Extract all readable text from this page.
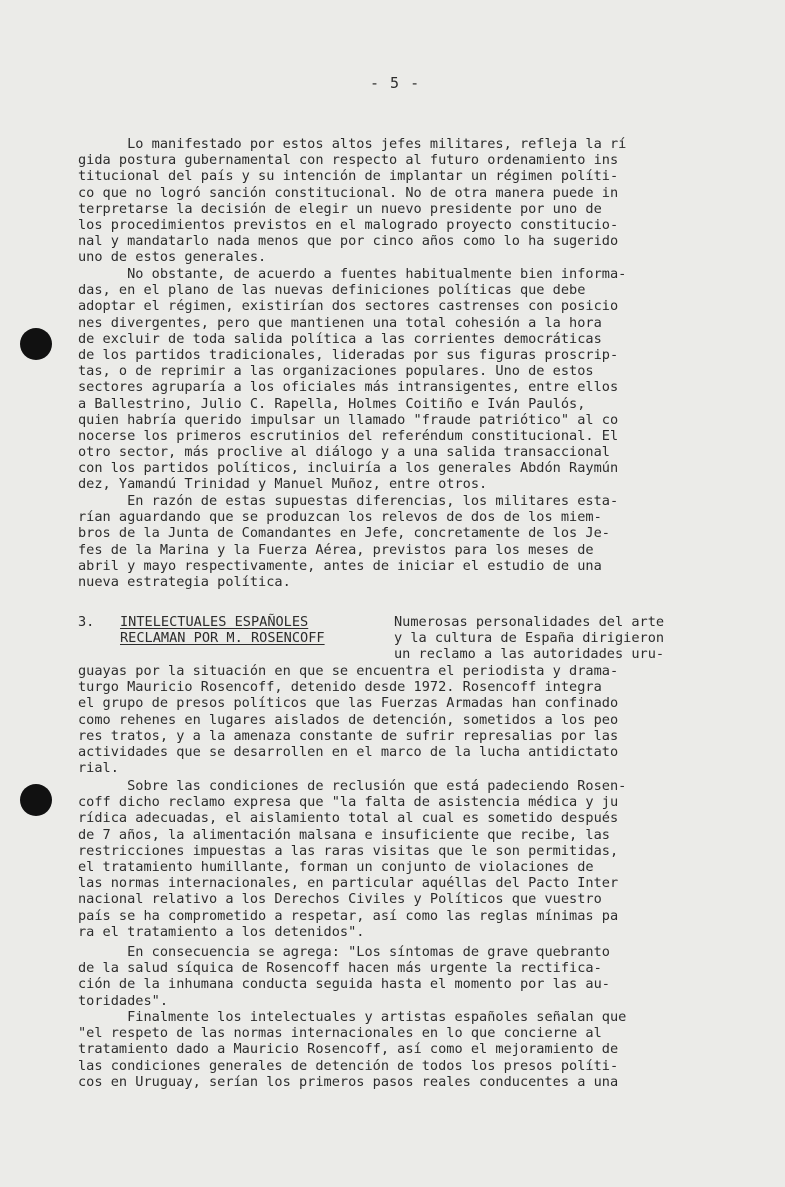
- 5 -
Lo manifestado por estos altos jefes militares, refleja la rí
gida postura gubernamental con respecto al futuro ordenamiento ins
titucional del país y su intención de implantar un régimen políti-
co que no logró sanción constitucional. No de otra manera puede in
terpretarse la decisión de elegir un nuevo presidente por uno de
los procedimientos previstos en el malogrado proyecto constitucio-
nal y mandatarlo nada menos que por cinco años como lo ha sugerido
uno de estos generales.
No obstante, de acuerdo a fuentes habitualmente bien informa-
das, en el plano de las nuevas definiciones políticas que debe
adoptar el régimen, existirían dos sectores castrenses con posicio
nes divergentes, pero que mantienen una total cohesión a la hora
de excluir de toda salida política a las corrientes democráticas
de los partidos tradicionales, lideradas por sus figuras proscrip-
tas, o de reprimir a las organizaciones populares. Uno de estos
sectores agruparía a los oficiales más intransigentes, entre ellos
a Ballestrino, Julio C. Rapella, Holmes Coitiño e Iván Paulós,
quien habría querido impulsar un llamado "fraude patriótico" al co
nocerse los primeros escrutinios del referéndum constitucional. El
otro sector, más proclive al diálogo y a una salida transaccional
con los partidos políticos, incluiría a los generales Abdón Raymún
dez, Yamandú Trinidad y Manuel Muñoz, entre otros.
En razón de estas supuestas diferencias, los militares esta-
rían aguardando que se produzcan los relevos de dos de los miem-
bros de la Junta de Comandantes en Jefe, concretamente de los Je-
fes de la Marina y la Fuerza Aérea, previstos para los meses de
abril y mayo respectivamente, antes de iniciar el estudio de una
nueva estrategia política.
3. INTELECTUALES ESPAÑOLES
RECLAMAN POR M. ROSENCOFF
Numerosas personalidades del arte
y la cultura de España dirigieron
un reclamo a las autoridades uru-
guayas por la situación en que se encuentra el periodista y drama-
turgo Mauricio Rosencoff, detenido desde 1972. Rosencoff integra
el grupo de presos políticos que las Fuerzas Armadas han confinado
como rehenes en lugares aislados de detención, sometidos a los peo
res tratos, y a la amenaza constante de sufrir represalias por las
actividades que se desarrollen en el marco de la lucha antidictato
rial.
Sobre las condiciones de reclusión que está padeciendo Rosen-
coff dicho reclamo expresa que "la falta de asistencia médica y ju
rídica adecuadas, el aislamiento total al cual es sometido después
de 7 años, la alimentación malsana e insuficiente que recibe, las
restricciones impuestas a las raras visitas que le son permitidas,
el tratamiento humillante, forman un conjunto de violaciones de
las normas internacionales, en particular aquéllas del Pacto Inter
nacional relativo a los Derechos Civiles y Políticos que vuestro
país se ha comprometido a respetar, así como las reglas mínimas pa
ra el tratamiento a los detenidos".
En consecuencia se agrega: "Los síntomas de grave quebranto
de la salud síquica de Rosencoff hacen más urgente la rectifica-
ción de la inhumana conducta seguida hasta el momento por las au-
toridades".
Finalmente los intelectuales y artistas españoles señalan que
"el respeto de las normas internacionales en lo que concierne al
tratamiento dado a Mauricio Rosencoff, así como el mejoramiento de
las condiciones generales de detención de todos los presos políti-
cos en Uruguay, serían los primeros pasos reales conducentes a una
